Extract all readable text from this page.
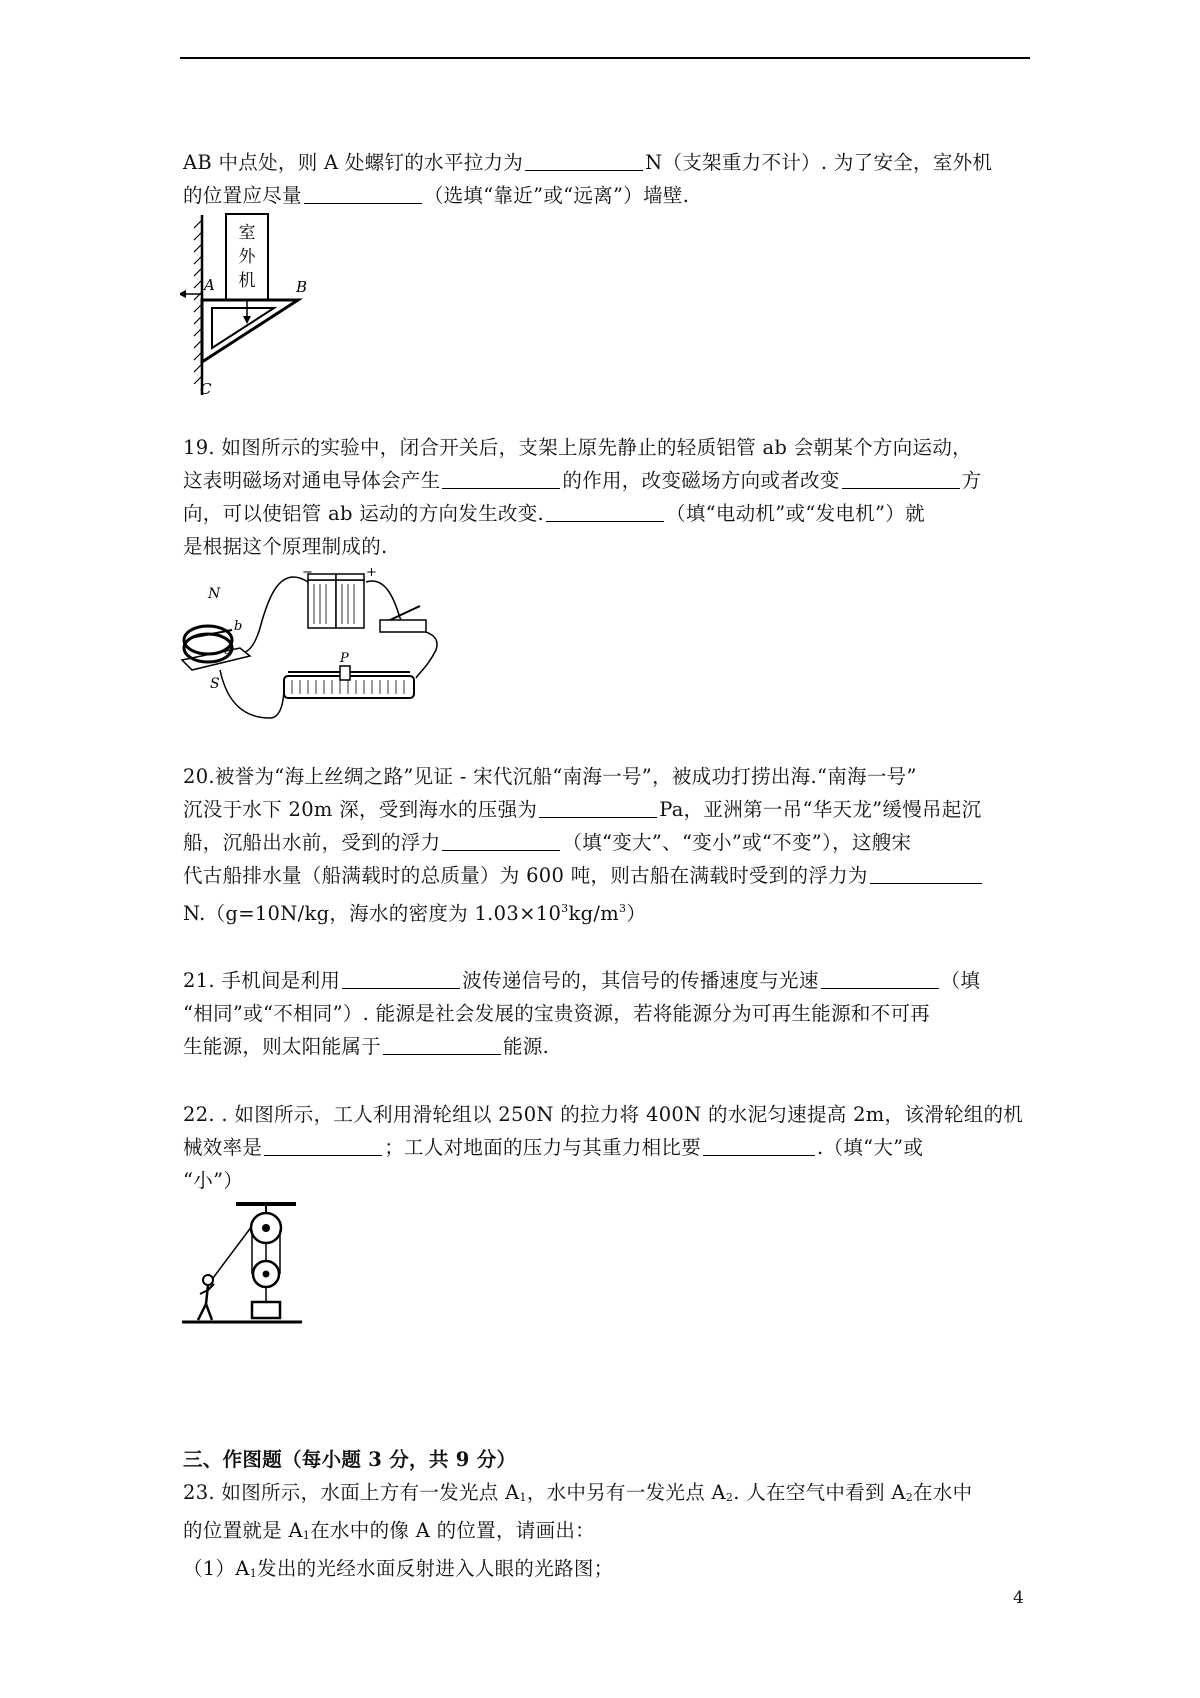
AB 中点处，则 A 处螺钉的水平拉力为	N（支架重力不计）. 为了安全，室外机

的位置应尽量	（选填“靠近”或“远离”）墙壁.

室
外
机
A	B
C

19. 如图所示的实验中，闭合开关后，支架上原先静止的轻质铝管 ab 会朝某个方向运动，

这表明磁场对通电导体会产生	的作用，改变磁场方向或者改变	方

向，可以使铝管 ab 运动的方向发生改变.	（填“电动机”或“发电机”）就

是根据这个原理制成的.

−	+
N
S
b
a
P

20.被誉为“海上丝绸之路”见证 - 宋代沉船“南海一号”，被成功打捞出海.“南海一号”

沉没于水下 20m 深，受到海水的压强为	Pa，亚洲第一吊“华天龙”缓慢吊起沉

船，沉船出水前，受到的浮力	（填“变大”、“变小”或“不变”），这艘宋

代古船排水量（船满载时的总质量）为 600 吨，则古船在满载时受到的浮力为

N.（g=10N/kg，海水的密度为 $1.03\times 10^3kg/m^3$）

21. 手机间是利用	波传递信号的，其信号的传播速度与光速	（填

“相同”或“不相同”）. 能源是社会发展的宝贵资源，若将能源分为可再生能源和不可再

生能源，则太阳能属于	能源.

22. . 如图所示，工人利用滑轮组以 250N 的拉力将 400N 的水泥匀速提高 2m，该滑轮组的机

械效率是	；工人对地面的压力与其重力相比要	.（填“大”或

“小”）

三、作图题（每小题 3 分，共 9 分）

23. 如图所示，水面上方有一发光点 $A_1$，水中另有一发光点 $A_2$. 人在空气中看到 $A_2$在水中

的位置就是 $A_1$在水中的像 A 的位置，请画出：

$(1)A_1$发出的光经水面反射进入人眼的光路图；

4
